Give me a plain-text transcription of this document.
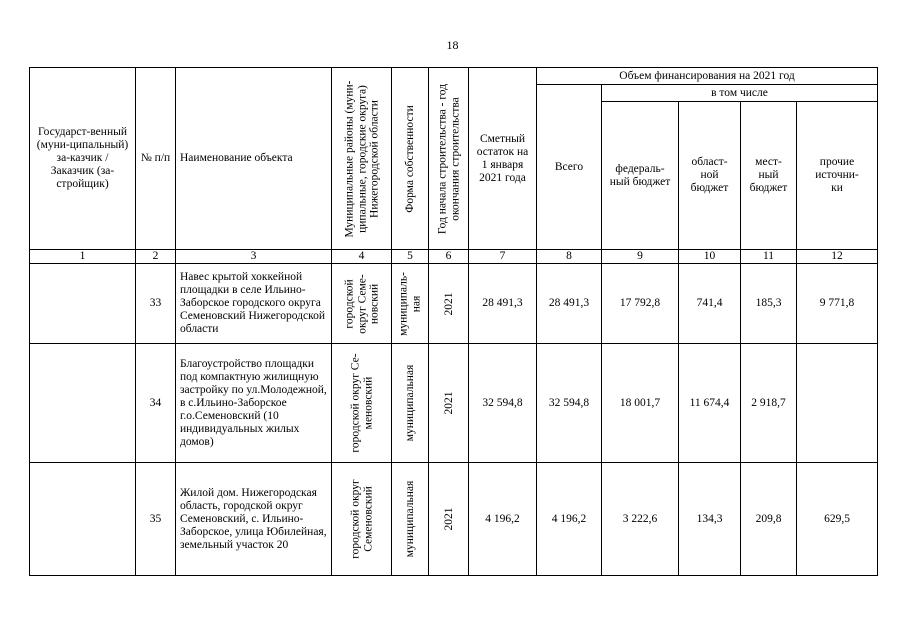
18
Государст-венный (муни-ципальный) за-казчик / Заказчик (за-стройщик)	№ п/п	Наименование объекта	Муниципальные районы (муни-ципальные, городские округа) Нижегородской области	Форма собственности	Год начала строительства - год окончания строительства	Сметный остаток на 1 января 2021 года	Объем финансирования на 2021 год				
							Всего	в том числе			
								федераль-ный бюджет	област-ной бюджет	мест-ный бюджет	прочие источни-ки
1	2	3	4	5	6	7	8	9	10	11	12
	33	Навес крытой хоккейной площадки в селе Ильино-Заборское городского округа Семеновский Нижегородской области	городской округ Семе-новский	муниципаль-ная	2021	28 491,3	28 491,3	17 792,8	741,4	185,3	9 771,8
	34	Благоустройство площадки под компактную жилищную застройку по ул.Молодежной, в с.Ильино-Заборское г.о.Семеновский (10 индивидуальных жилых домов)	городской округ Се-меновский	муниципальная	2021	32 594,8	32 594,8	18 001,7	11 674,4	2 918,7	
	35	Жилой дом. Нижегородская область, городской округ Семеновский, с. Ильино-Заборское, улица Юбилейная, земельный участок 20	городской округ Семеновский	муниципальная	2021	4 196,2	4 196,2	3 222,6	134,3	209,8	629,5
